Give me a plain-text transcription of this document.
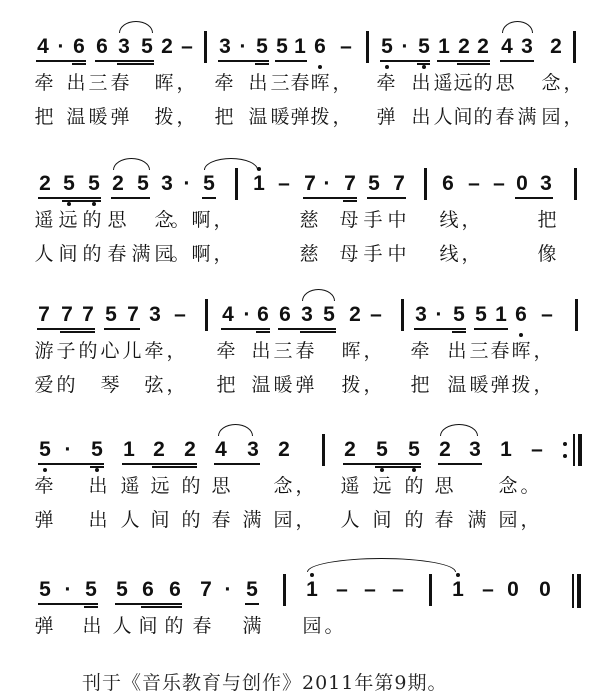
4 · 6 6 3 5 2 – 3 · 5 5 1 6 – 5 · 5 1 2 2 4 3 2
牵 出 三 春 晖 ， 牵 出 三 春 晖 ， 牵 出 遥 远 的 思 念 ，
把 温 暖 弹 拨 ， 把 温 暖 弹 拨 ， 弹 出 人 间 的 春 满 园 ，
2 5 5 2 5 3 · 5 1 – 7 · 7 5 7 6 – – 0 3
遥 远 的 思 念
。 啊 ，	慈 母 手 中 线 ，	把
人 间 的 春 满 园
。 啊 ，	慈 母 手 中 线 ，	像
7 7 7 5 7 3 – 4 · 6 6 3 5 2 – 3 · 5 5 1 6 –
游 子 的 心 儿 牵 ， 牵 出 三 春 晖 ， 牵 出 三 春 晖 ，
爱 的 琴 弦 ， 把 温 暖 弹 拨 ， 把 温 暖 弹 拨 ，
5 · 5 1 2 2 4 3 2	2 5 5 2 3 1 –
牵 出 遥 远 的 思 念 ， 遥 远 的 思 念 。
弹 出 人 间 的 春 满 园 ， 人 间 的 春 满 园 ，
5 · 5 5 6 6 7 · 5 1 – – – 1 – 0 0
弹 出 人 间 的 春 满 园 。
刊于《音乐教育与创作》2011年第9期。
